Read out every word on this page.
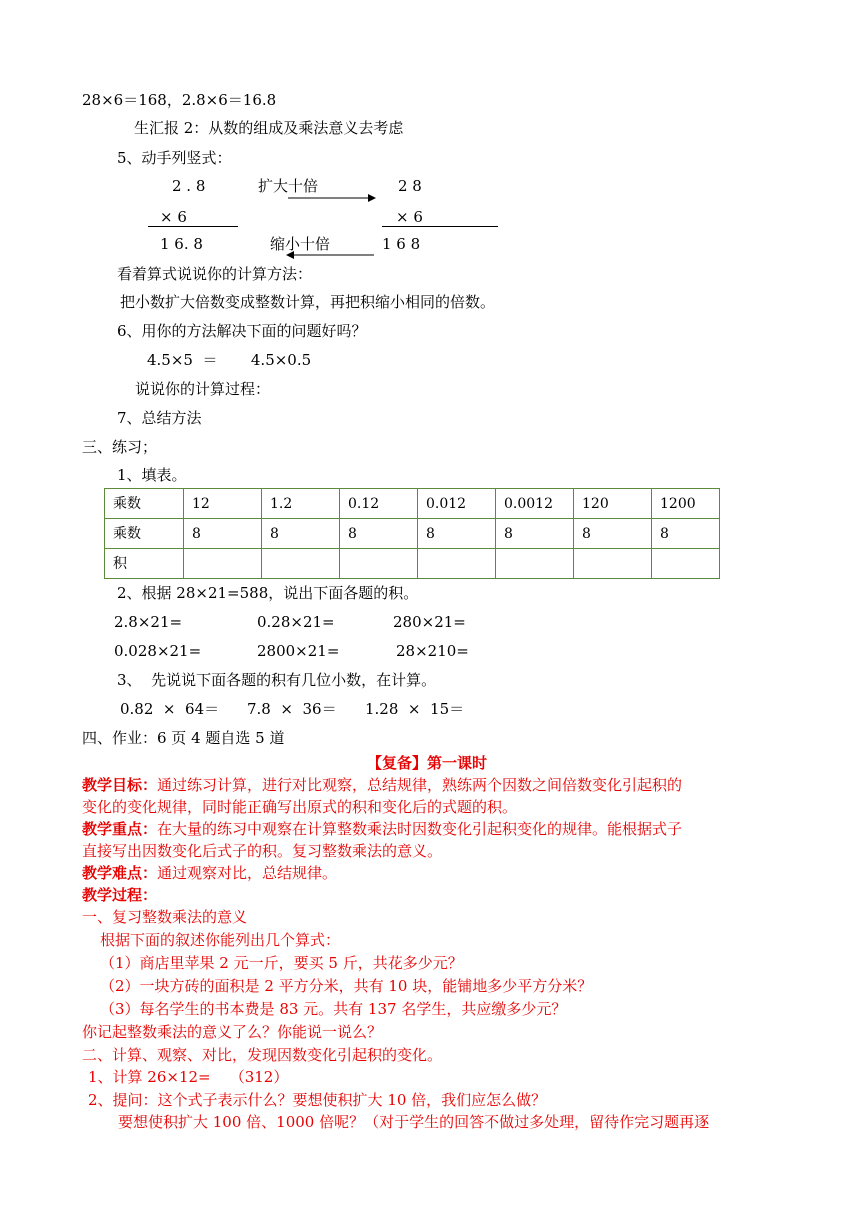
28×6＝168，2.8×6＝16.8
生汇报 2：从数的组成及乘法意义去考虑
5、动手列竖式：
2 . 8
× 6
1 6. 8
扩大十倍	2 8
× 6
1 6 8
缩小十倍
看着算式说说你的计算方法：
把小数扩大倍数变成整数计算，再把积缩小相同的倍数。
6、用你的方法解决下面的问题好吗？
4.5×5  ＝       4.5×0.5
说说你的计算过程：
7、总结方法
三、练习；
1、填表。
乘数	12	1.2	0.12	0.012	0.0012	120	1200
乘数	8	8	8	8	8	8	8
积							
2、根据 28×21=588，说出下面各题的积。
2.8×21=	0.28×21=	280×21=
0.028×21=	2800×21=	28×210=
3、  先说说下面各题的积有几位小数，在计算。
0.82  ×  64＝ 7.8  ×  36＝ 1.28  ×  15＝
四、作业：6 页 4 题自选 5 道
【复备】第一课时
教学目标：通过练习计算，进行对比观察，总结规律，熟练两个因数之间倍数变化引起积的
变化的变化规律，同时能正确写出原式的积和变化后的式题的积。
教学重点：在大量的练习中观察在计算整数乘法时因数变化引起积变化的规律。能根据式子
直接写出因数变化后式子的积。复习整数乘法的意义。
教学难点：通过观察对比，总结规律。
教学过程：
一、复习整数乘法的意义
根据下面的叙述你能列出几个算式：
（1）商店里苹果 2 元一斤，要买 5 斤，共花多少元？
（2）一块方砖的面积是 2 平方分米，共有 10 块，能铺地多少平方分米？
（3）每名学生的书本费是 83 元。共有 137 名学生，共应缴多少元？
你记起整数乘法的意义了么？你能说一说么？
二、计算、观察、对比，发现因数变化引起积的变化。
1、计算 26×12=    （312）
2、提问：这个式子表示什么？要想使积扩大 10 倍，我们应怎么做？
要想使积扩大 100 倍、1000 倍呢？（对于学生的回答不做过多处理，留待作完习题再逐
